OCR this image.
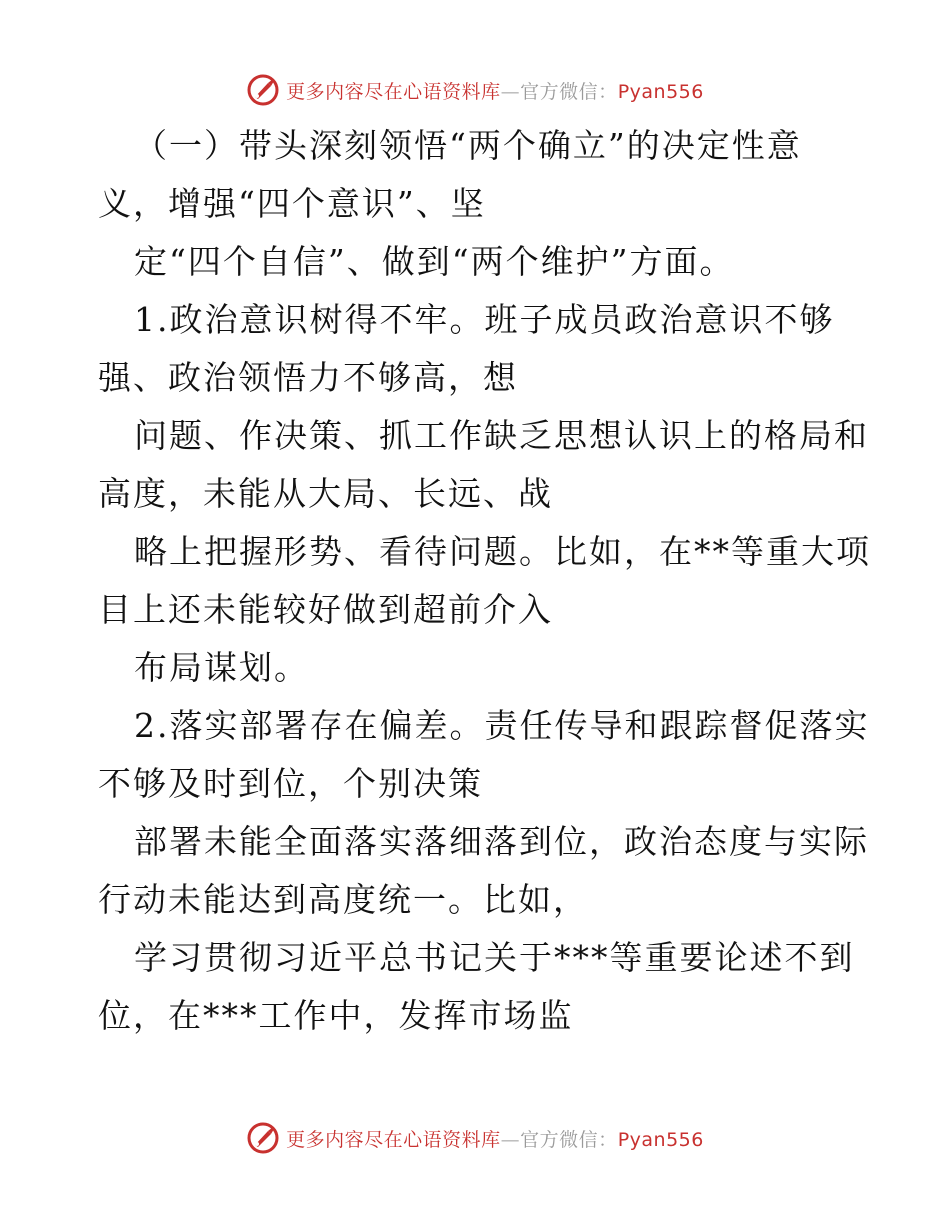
更多内容尽在心语资料库—官方微信：Pyan556
（一）带头深刻领悟“两个确立”的决定性意
义，增强“四个意识”、坚
定“四个自信”、做到“两个维护”方面。
1.政治意识树得不牢。班子成员政治意识不够
强、政治领悟力不够高，想
问题、作决策、抓工作缺乏思想认识上的格局和
高度，未能从大局、长远、战
略上把握形势、看待问题。比如，在**等重大项
目上还未能较好做到超前介入
布局谋划。
2.落实部署存在偏差。责任传导和跟踪督促落实
不够及时到位，个别决策
部署未能全面落实落细落到位，政治态度与实际
行动未能达到高度统一。比如，
学习贯彻习近平总书记关于***等重要论述不到
位，在***工作中，发挥市场监
更多内容尽在心语资料库—官方微信：Pyan556
